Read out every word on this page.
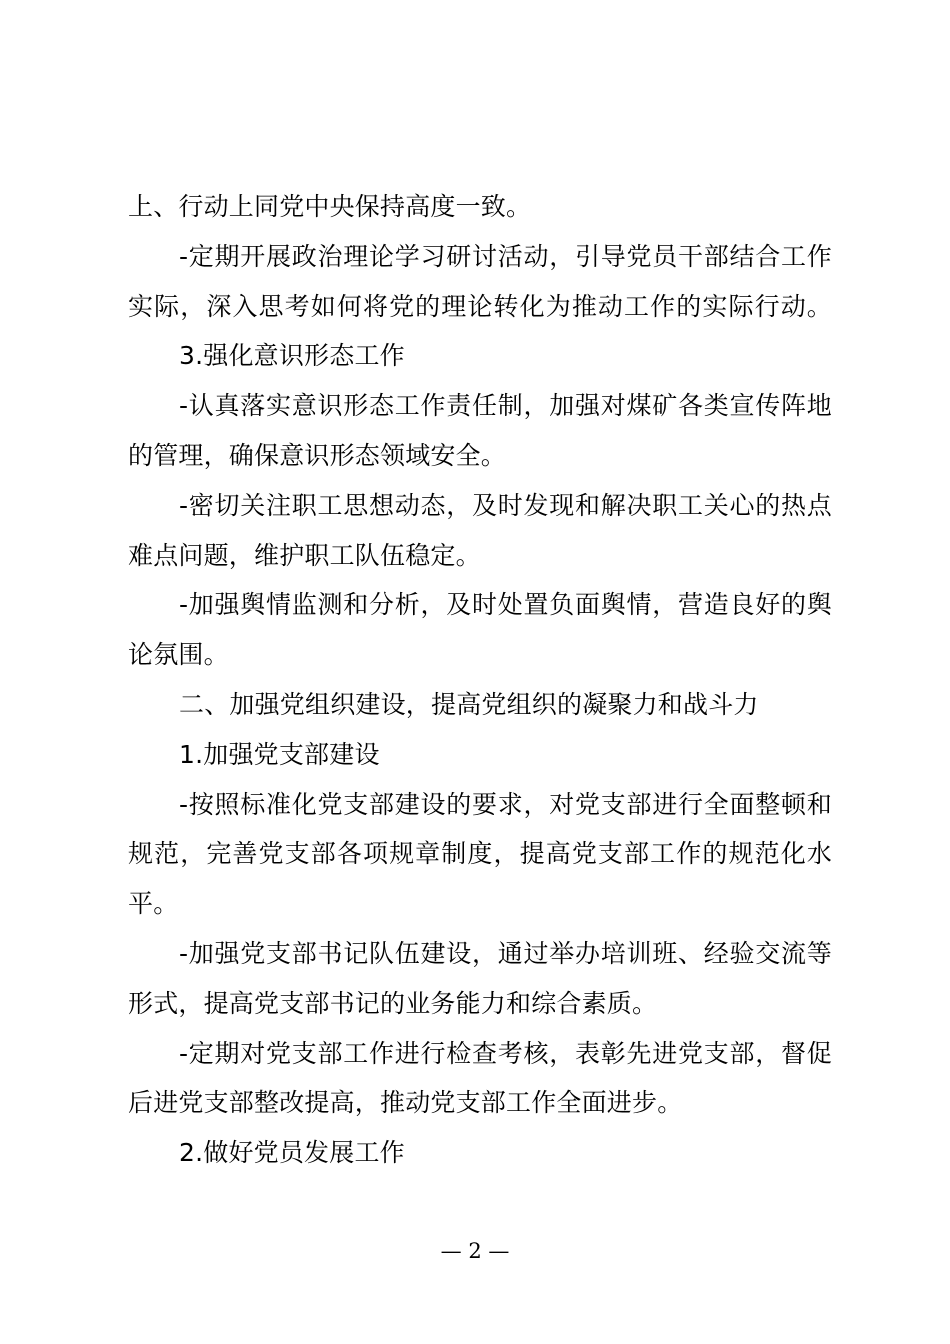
上、行动上同党中央保持高度一致。
-定期开展政治理论学习研讨活动，引导党员干部结合工作
实际，深入思考如何将党的理论转化为推动工作的实际行动。
3.强化意识形态工作
-认真落实意识形态工作责任制，加强对煤矿各类宣传阵地
的管理，确保意识形态领域安全。
-密切关注职工思想动态，及时发现和解决职工关心的热点
难点问题，维护职工队伍稳定。
-加强舆情监测和分析，及时处置负面舆情，营造良好的舆
论氛围。
二、加强党组织建设，提高党组织的凝聚力和战斗力
1.加强党支部建设
-按照标准化党支部建设的要求，对党支部进行全面整顿和
规范，完善党支部各项规章制度，提高党支部工作的规范化水
平。
-加强党支部书记队伍建设，通过举办培训班、经验交流等
形式，提高党支部书记的业务能力和综合素质。
-定期对党支部工作进行检查考核，表彰先进党支部，督促
后进党支部整改提高，推动党支部工作全面进步。
2.做好党员发展工作
— 2 —
